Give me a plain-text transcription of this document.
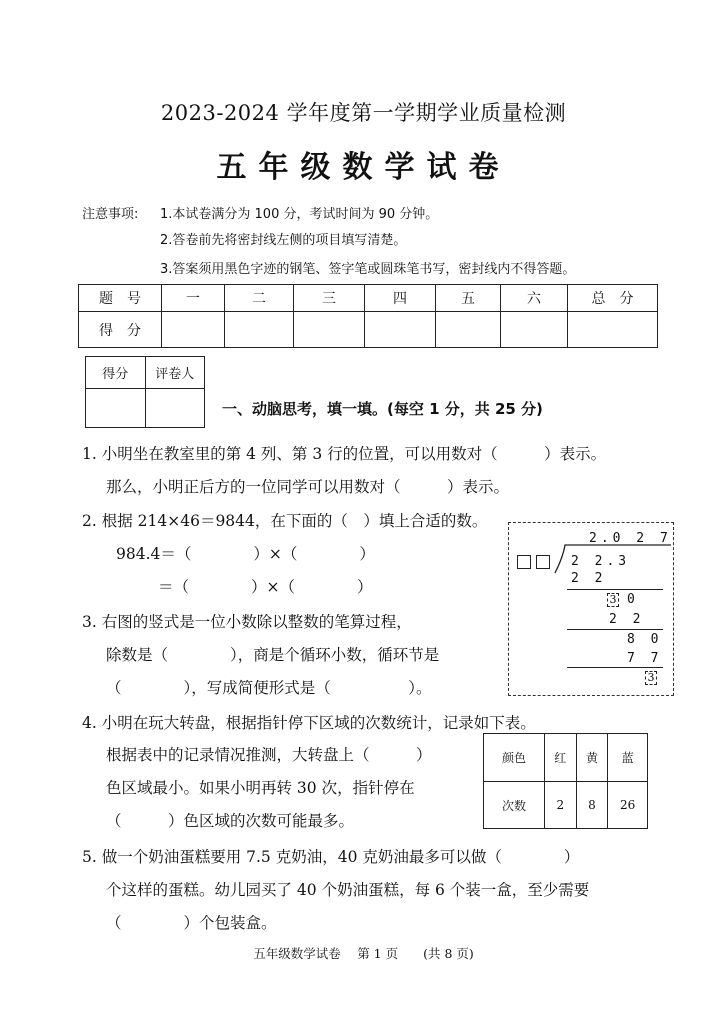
2023-2024 学年度第一学期学业质量检测
五年级数学试卷
注意事项: 1.本试卷满分为 100 分，考试时间为 90 分钟。
2.答卷前先将密封线左侧的项目填写清楚。
3.答案须用黑色字迹的钢笔、签字笔或圆珠笔书写，密封线内不得答题。
题　号	一	二	三	四	五	六	总　分
得　分							
得分	评卷人

一、动脑思考，填一填。(每空 1 分，共 25 分)
1. 小明坐在教室里的第 4 列、第 3 行的位置，可以用数对（　　　）表示。
那么，小明正后方的一位同学可以用数对（　　　）表示。
2. 根据 214×46＝9844，在下面的（　）填上合适的数。
984.4＝（　　　　）×（　　　　）
＝（　　　　）×（　　　　）
3. 右图的竖式是一位小数除以整数的笔算过程，
除数是（　　　　），商是个循环小数，循环节是
（　　　　），写成简便形式是（　　　　　）。
2.0 2 7
2 2.3
2 2
3 0
2 2
8 0
7 7
3
4. 小明在玩大转盘，根据指针停下区域的次数统计，记录如下表。
根据表中的记录情况推测，大转盘上（　　　）
色区域最小。如果小明再转 30 次，指针停在
（　　　）色区域的次数可能最多。
颜色	红	黄	蓝
次数	2	8	26
5. 做一个奶油蛋糕要用 7.5 克奶油，40 克奶油最多可以做（　　　　）
个这样的蛋糕。幼儿园买了 40 个奶油蛋糕，每 6 个装一盒，至少需要
（　　　　）个包装盒。
五年级数学试卷　 第 1 页　　(共 8 页)
